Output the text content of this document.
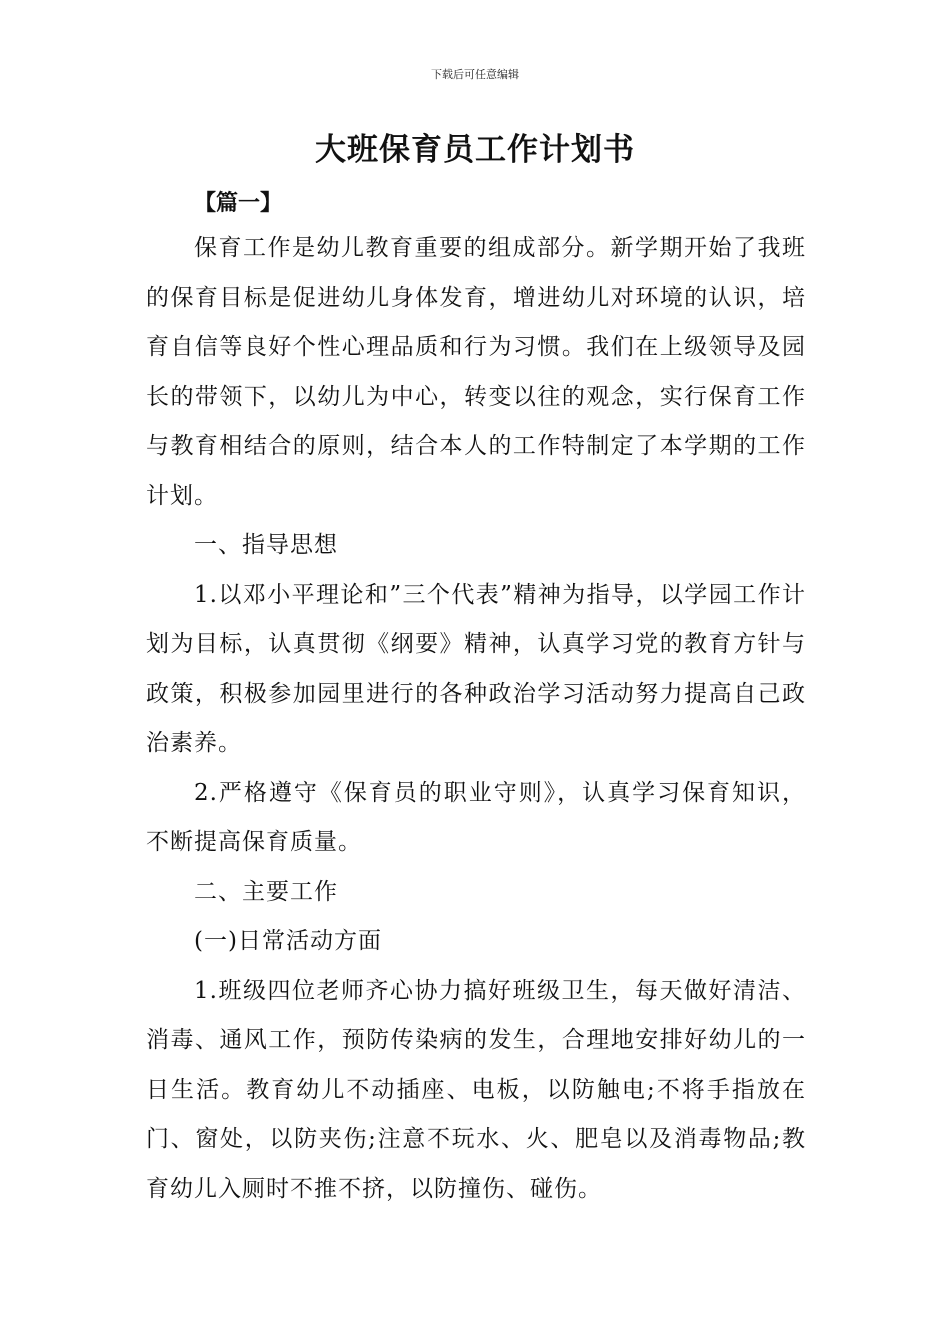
下载后可任意编辑
大班保育员工作计划书

【篇一】

保育工作是幼儿教育重要的组成部分。新学期开始了我班的保育目标是促进幼儿身体发育，增进幼儿对环境的认识，培育自信等良好个性心理品质和行为习惯。我们在上级领导及园长的带领下，以幼儿为中心，转变以往的观念，实行保育工作与教育相结合的原则，结合本人的工作特制定了本学期的工作计划。

一、指导思想

1.以邓小平理论和”三个代表”精神为指导，以学园工作计划为目标，认真贯彻《纲要》精神，认真学习党的教育方针与政策，积极参加园里进行的各种政治学习活动努力提高自己政治素养。

2.严格遵守《保育员的职业守则》，认真学习保育知识，不断提高保育质量。

二、主要工作

(一)日常活动方面

1.班级四位老师齐心协力搞好班级卫生，每天做好清洁、消毒、通风工作，预防传染病的发生，合理地安排好幼儿的一日生活。教育幼儿不动插座、电板，以防触电;不将手指放在门、窗处，以防夹伤;注意不玩水、火、肥皂以及消毒物品;教育幼儿入厕时不推不挤，以防撞伤、碰伤。
